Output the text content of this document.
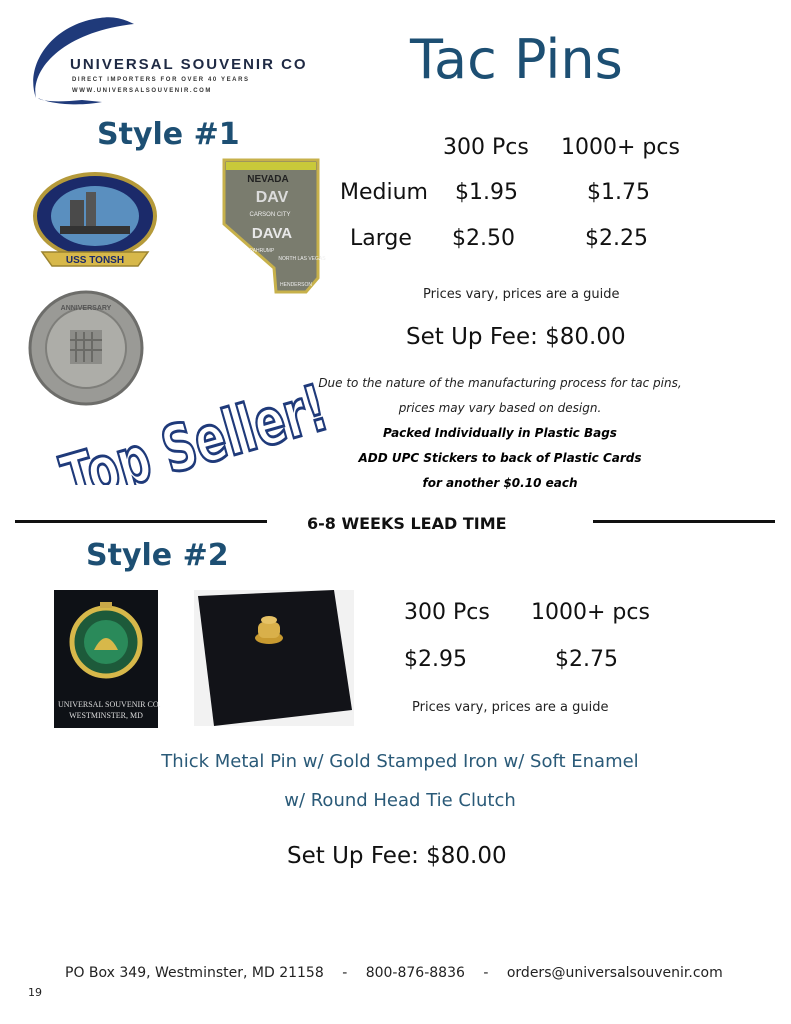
UNIVERSAL SOUVENIR CO
DIRECT IMPORTERS FOR OVER 40 YEARS
WWW.UNIVERSALSOUVENIR.COM	Tac Pins
Style #1
USS TONSH
NEVADA
DAV
CARSON CITY
DAVA
PAHRUMP
NORTH LAS VEGAS
HENDERSON
ANNIVERSARY
Top Seller!
300 Pcs 1000+ pcs
Medium $1.95	$1.75
Large $2.50	$2.25
Prices vary, prices are a guide
Set Up Fee: $80.00
Due to the nature of the manufacturing process for tac pins,
prices may vary based on design.
Packed Individually in Plastic Bags
ADD UPC Stickers to back of Plastic Cards
for another $0.10 each
6-8 WEEKS LEAD TIME
Style #2
UNIVERSAL SOUVENIR CO.
WESTMINSTER, MD
300 Pcs 1000+ pcs
$2.95	$2.75
Prices vary, prices are a guide
Thick Metal Pin w/ Gold Stamped Iron w/ Soft Enamel
w/ Round Head Tie Clutch
Set Up Fee: $80.00
PO Box 349, Westminster, MD 21158 - 800-876-8836 - orders@universalsouvenir.com
19
